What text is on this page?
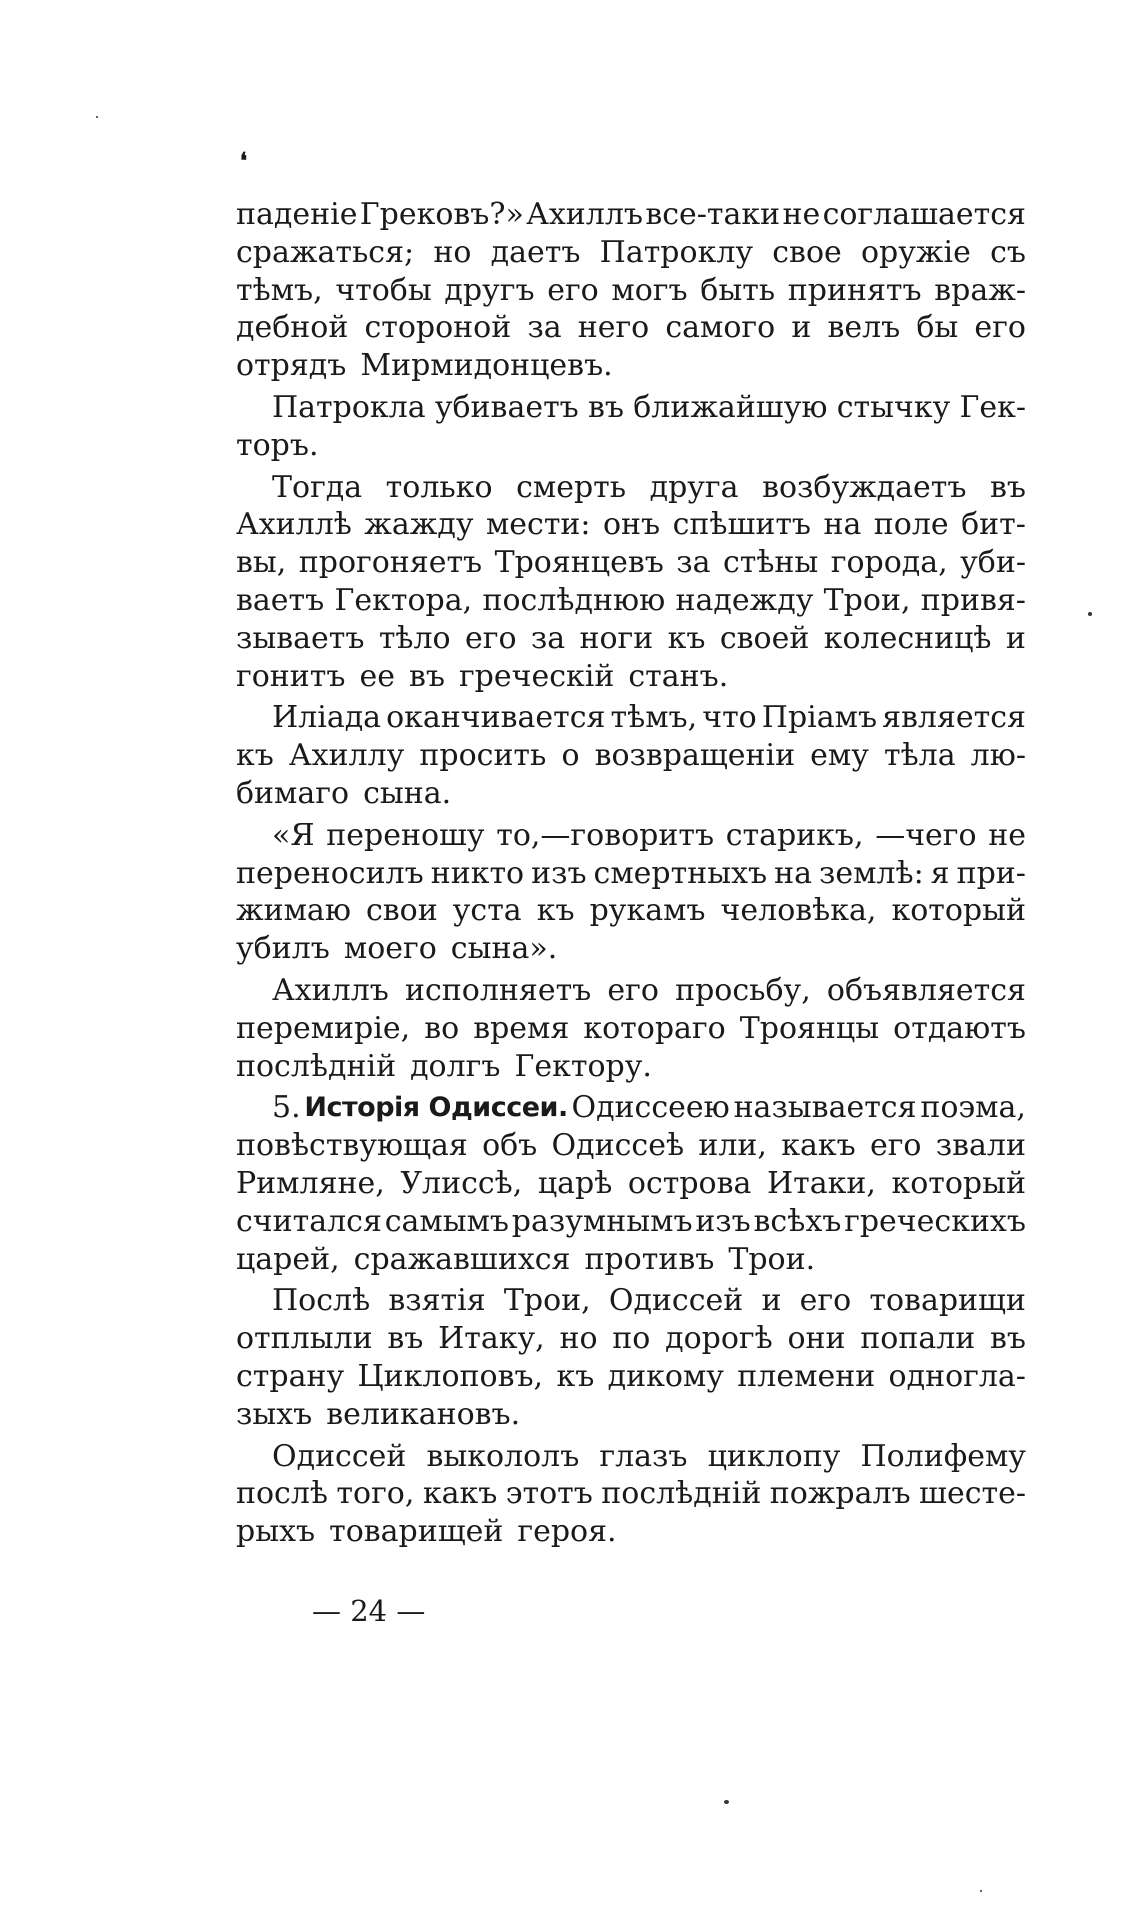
❛
паденіе Грековъ?» Ахиллъ все-таки не соглашается
сражаться; но даетъ Патроклу свое оружіе съ
тѣмъ, чтобы другъ его могъ быть принятъ враж-
дебной стороной за него самого и велъ бы его
отрядъ Мирмидонцевъ.
Патрокла убиваетъ въ ближайшую стычку Гек-
торъ.
Тогда только смерть друга возбуждаетъ въ
Ахиллѣ жажду мести: онъ спѣшитъ на поле бит-
вы, прогоняетъ Троянцевъ за стѣны города, уби-
ваетъ Гектора, послѣднюю надежду Трои, привя-
зываетъ тѣло его за ноги къ своей колесницѣ и
гонитъ ее въ греческій станъ.
Иліада оканчивается тѣмъ, что Пріамъ является
къ Ахиллу просить о возвращеніи ему тѣла лю-
бимаго сына.
«Я переношу то,—говоритъ старикъ, —чего не
переносилъ никто изъ смертныхъ на землѣ: я при-
жимаю свои уста къ рукамъ человѣка, который
убилъ моего сына».
Ахиллъ исполняетъ его просьбу, объявляется
перемиріе, во время котораго Троянцы отдаютъ
послѣдній долгъ Гектору.
5. Исторія Одиссеи. Одиссеею называется поэма,
повѣствующая объ Одиссеѣ или, какъ его звали
Римляне, Улиссѣ, царѣ острова Итаки, который
считался самымъ разумнымъ изъ всѣхъ греческихъ
царей, сражавшихся противъ Трои.
Послѣ взятія Трои, Одиссей и его товарищи
отплыли въ Итаку, но по дорогѣ они попали въ
страну Циклоповъ, къ дикому племени одногла-
зыхъ великановъ.
Одиссей выкололъ глазъ циклопу Полифему
послѣ того, какъ этотъ послѣдній пожралъ шесте-
рыхъ товарищей героя.
— 24 —
